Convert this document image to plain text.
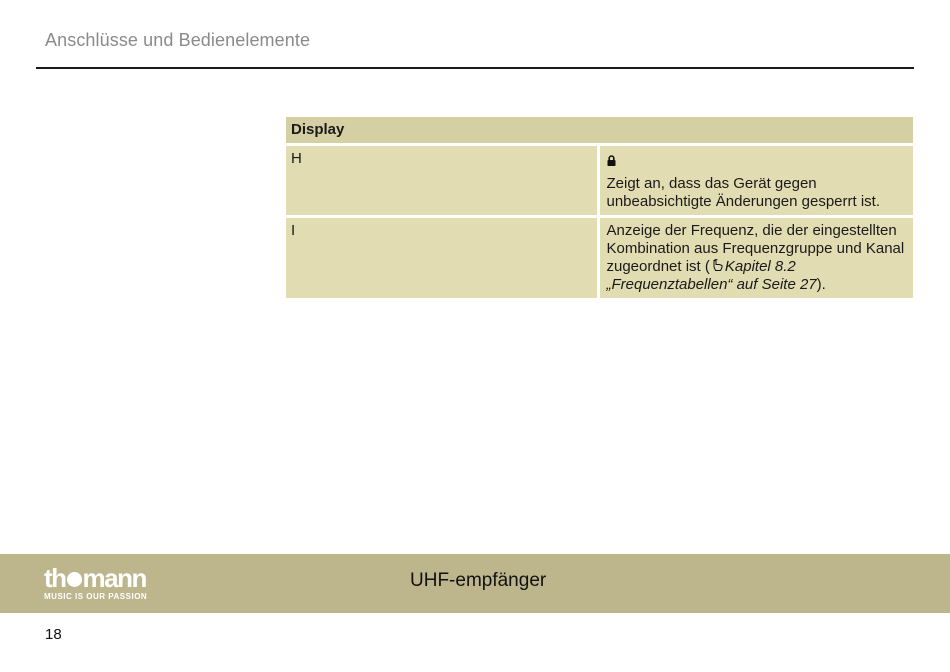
Anschlüsse und Bedienelemente
Display	
H	Zeigt an, dass das Gerät gegen unbeabsichtigte Änderungen gesperrt ist.
I	Anzeige der Frequenz, die der eingestellten Kombination aus Frequenzgruppe und Kanal zugeordnet ist ( Kapitel 8.2 „Frequenztabellen“ auf Seite 27).
th mann
MUSIC IS OUR PASSION
UHF-empfänger
18
